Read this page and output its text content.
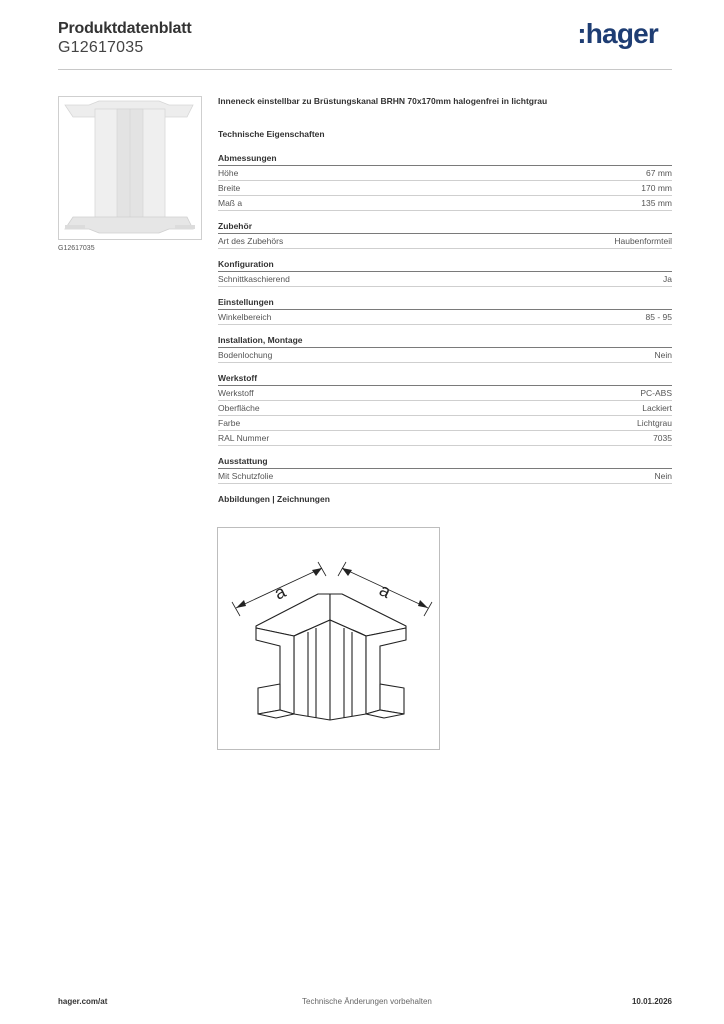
Produktdatenblatt
G12617035	:hager
G12617035
Inneneck einstellbar zu Brüstungskanal BRHN 70x170mm halogenfrei in lichtgrau
Technische Eigenschaften
Abmessungen
Höhe	67 mm
Breite	170 mm
Maß a	135 mm
Zubehör
Art des Zubehörs	Haubenformteil
Konfiguration
Schnittkaschierend	Ja
Einstellungen
Winkelbereich	85 - 95
Installation, Montage
Bodenlochung	Nein
Werkstoff
Werkstoff	PC-ABS
Oberfläche	Lackiert
Farbe	Lichtgrau
RAL Nummer	7035
Ausstattung
Mit Schutzfolie	Nein
Abbildungen | Zeichnungen
a	a
hager.com/at	Technische Änderungen vorbehalten	10.01.2026
